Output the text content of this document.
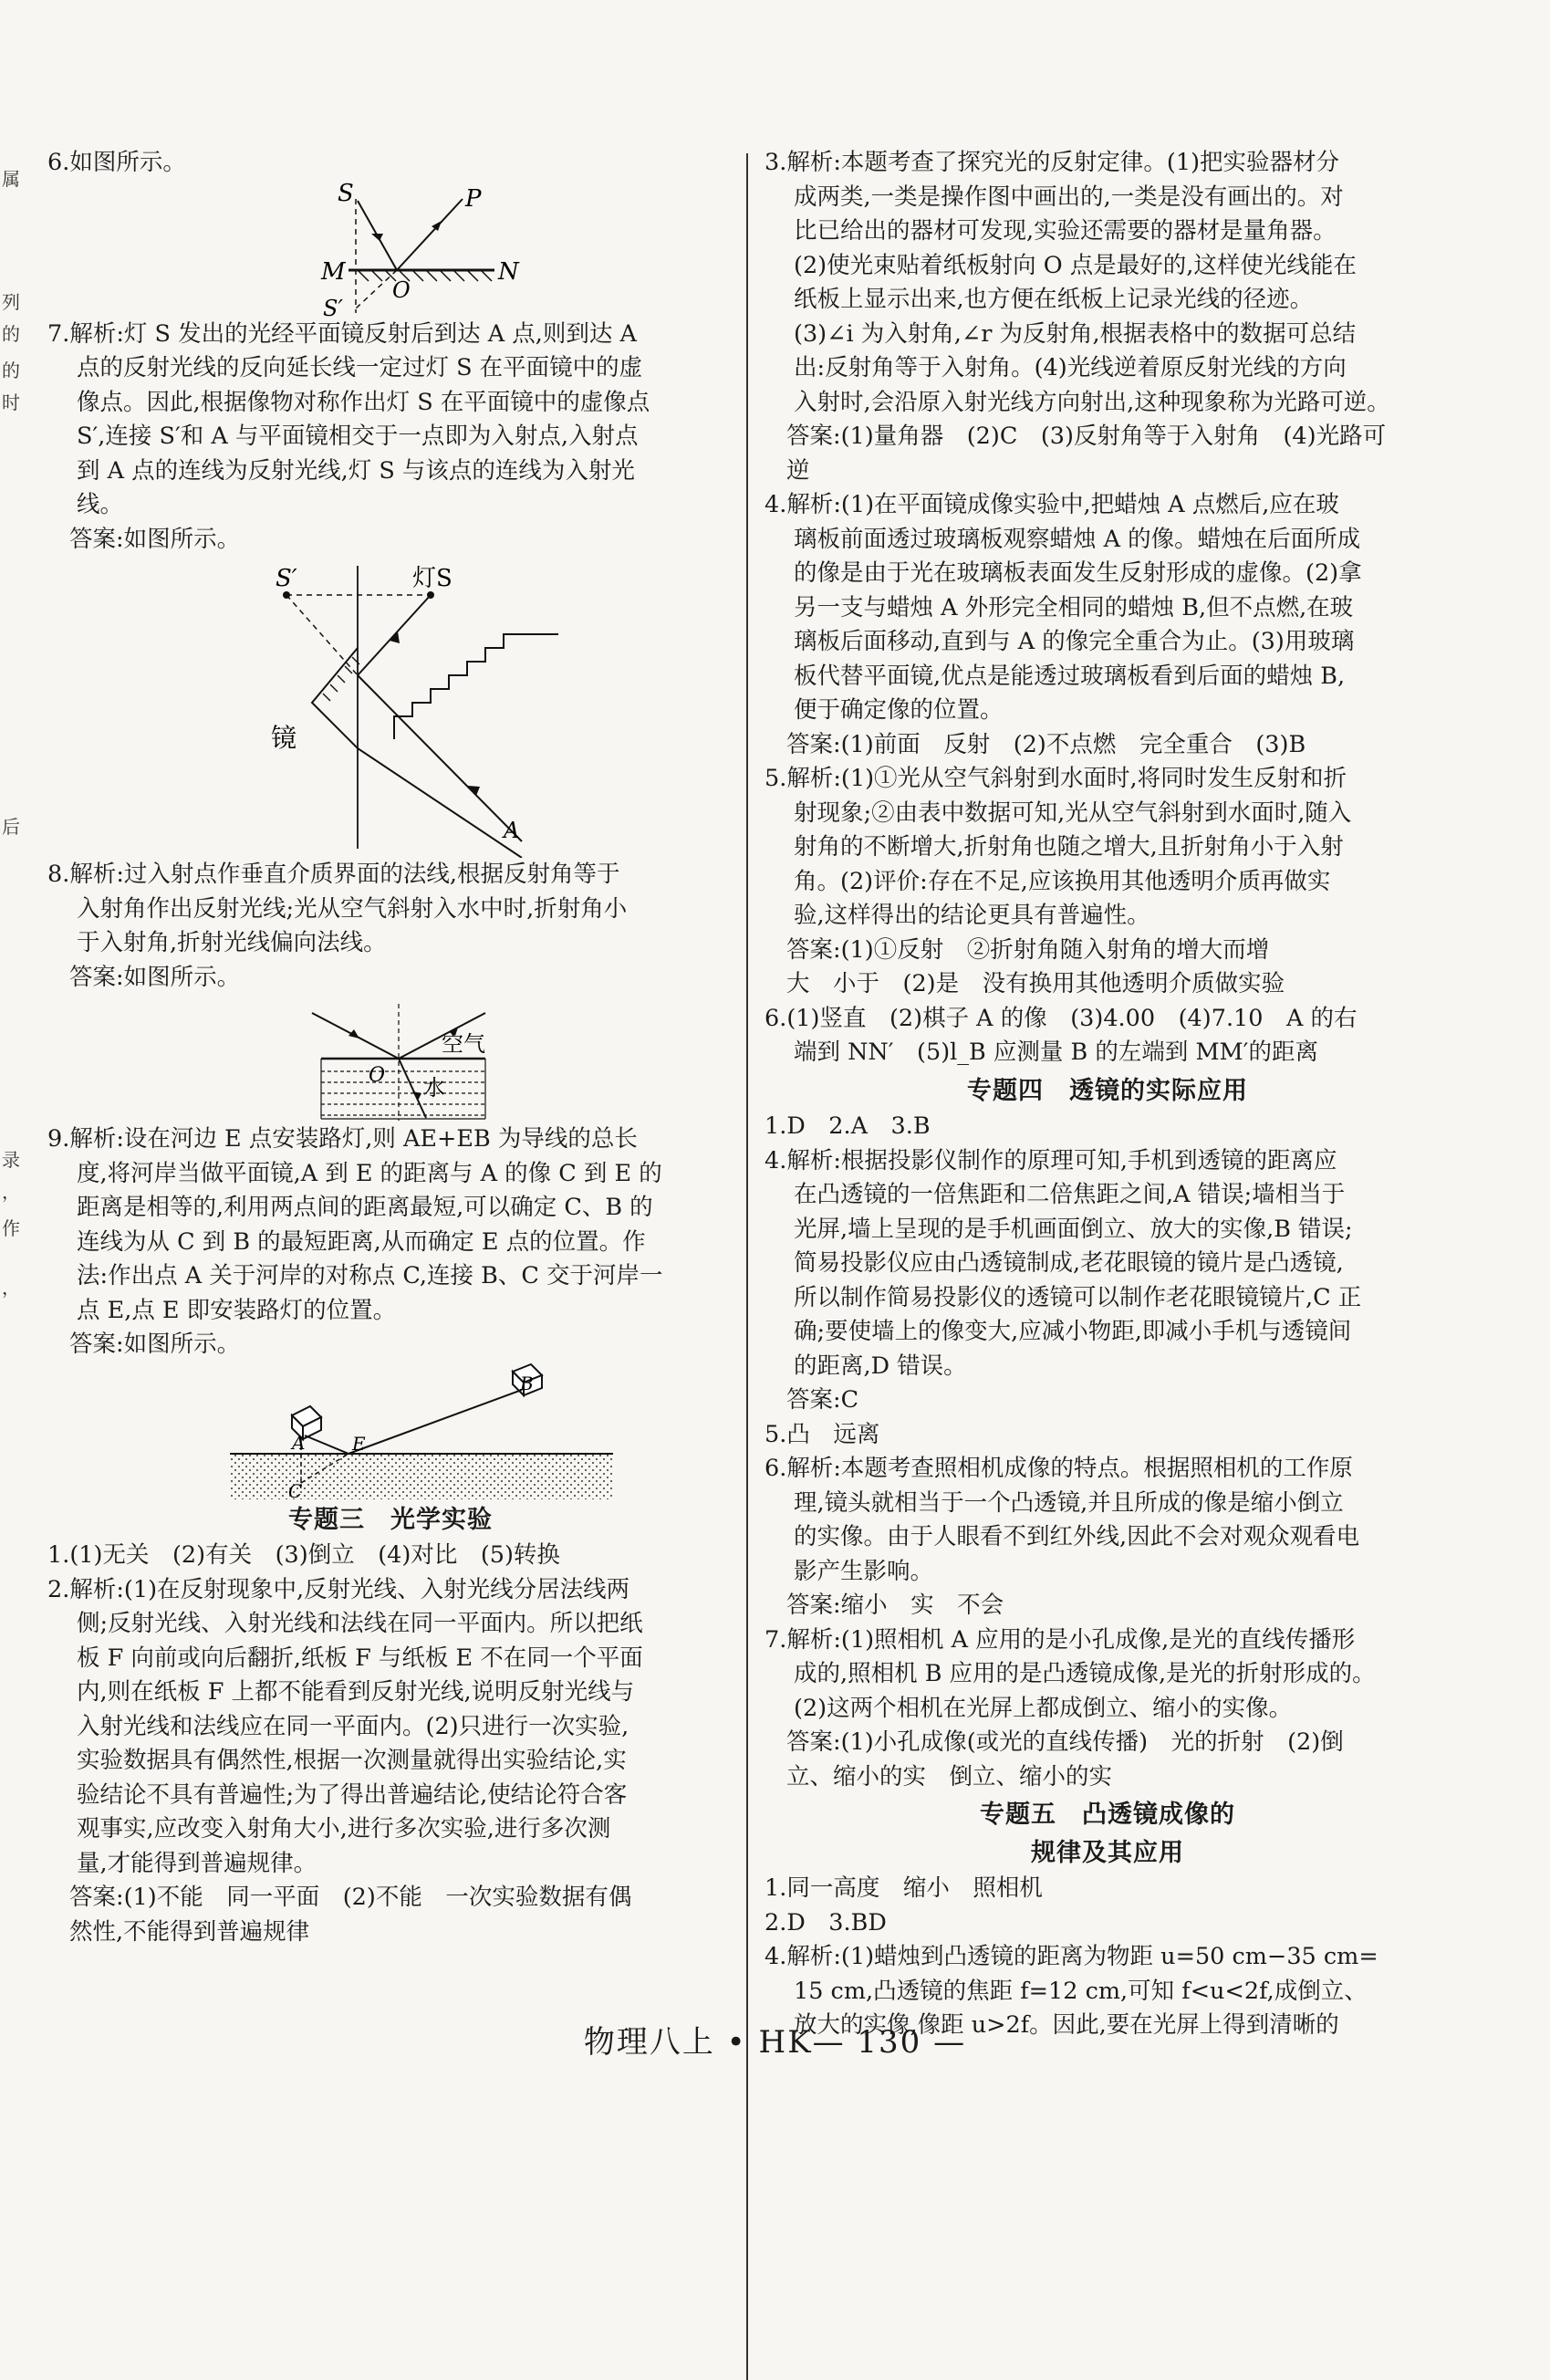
属
列
的
的
时
后
录
，
作
，

6.如图所示。

S	P
M	N
O
S′

7.解析:灯 S 发出的光经平面镜反射后到达 A 点,则到达 A

点的反射光线的反向延长线一定过灯 S 在平面镜中的虚

像点。因此,根据像物对称作出灯 S 在平面镜中的虚像点

S′,连接 S′和 A 与平面镜相交于一点即为入射点,入射点

到 A 点的连线为反射光线,灯 S 与该点的连线为入射光

线。

答案:如图所示。

S′	灯S
镜
A

8.解析:过入射点作垂直介质界面的法线,根据反射角等于

入射角作出反射光线;光从空气斜射入水中时,折射角小

于入射角,折射光线偏向法线。

答案:如图所示。

空气
水
O

9.解析:设在河边 E 点安装路灯,则 AE+EB 为导线的总长

度,将河岸当做平面镜,A 到 E 的距离与 A 的像 C 到 E 的

距离是相等的,利用两点间的距离最短,可以确定 C、B 的

连线为从 C 到 B 的最短距离,从而确定 E 点的位置。作

法:作出点 A 关于河岸的对称点 C,连接 B、C 交于河岸一

点 E,点 E 即安装路灯的位置。

答案:如图所示。

A
B
E
C
专题三　光学实验

1.(1)无关　(2)有关　(3)倒立　(4)对比　(5)转换

2.解析:(1)在反射现象中,反射光线、入射光线分居法线两

侧;反射光线、入射光线和法线在同一平面内。所以把纸

板 F 向前或向后翻折,纸板 F 与纸板 E 不在同一个平面

内,则在纸板 F 上都不能看到反射光线,说明反射光线与

入射光线和法线应在同一平面内。(2)只进行一次实验,

实验数据具有偶然性,根据一次测量就得出实验结论,实

验结论不具有普遍性;为了得出普遍结论,使结论符合客

观事实,应改变入射角大小,进行多次实验,进行多次测

量,才能得到普遍规律。

答案:(1)不能　同一平面　(2)不能　一次实验数据有偶

然性,不能得到普遍规律

3.解析:本题考查了探究光的反射定律。(1)把实验器材分

成两类,一类是操作图中画出的,一类是没有画出的。对

比已给出的器材可发现,实验还需要的器材是量角器。

(2)使光束贴着纸板射向 O 点是最好的,这样使光线能在

纸板上显示出来,也方便在纸板上记录光线的径迹。

(3)∠i 为入射角,∠r 为反射角,根据表格中的数据可总结

出:反射角等于入射角。(4)光线逆着原反射光线的方向

入射时,会沿原入射光线方向射出,这种现象称为光路可逆。

答案:(1)量角器　(2)C　(3)反射角等于入射角　(4)光路可

逆

4.解析:(1)在平面镜成像实验中,把蜡烛 A 点燃后,应在玻

璃板前面透过玻璃板观察蜡烛 A 的像。蜡烛在后面所成

的像是由于光在玻璃板表面发生反射形成的虚像。(2)拿

另一支与蜡烛 A 外形完全相同的蜡烛 B,但不点燃,在玻

璃板后面移动,直到与 A 的像完全重合为止。(3)用玻璃

板代替平面镜,优点是能透过玻璃板看到后面的蜡烛 B,

便于确定像的位置。

答案:(1)前面　反射　(2)不点燃　完全重合　(3)B

5.解析:(1)①光从空气斜射到水面时,将同时发生反射和折

射现象;②由表中数据可知,光从空气斜射到水面时,随入

射角的不断增大,折射角也随之增大,且折射角小于入射

角。(2)评价:存在不足,应该换用其他透明介质再做实

验,这样得出的结论更具有普遍性。

答案:(1)①反射　②折射角随入射角的增大而增

大　小于　(2)是　没有换用其他透明介质做实验

6.(1)竖直　(2)棋子 A 的像　(3)4.00　(4)7.10　A 的右

端到 NN′　(5)l_B 应测量 B 的左端到 MM′的距离

专题四　透镜的实际应用

1.D　2.A　3.B

4.解析:根据投影仪制作的原理可知,手机到透镜的距离应

在凸透镜的一倍焦距和二倍焦距之间,A 错误;墙相当于

光屏,墙上呈现的是手机画面倒立、放大的实像,B 错误;

简易投影仪应由凸透镜制成,老花眼镜的镜片是凸透镜,

所以制作简易投影仪的透镜可以制作老花眼镜镜片,C 正

确;要使墙上的像变大,应减小物距,即减小手机与透镜间

的距离,D 错误。

答案:C

5.凸　远离

6.解析:本题考查照相机成像的特点。根据照相机的工作原

理,镜头就相当于一个凸透镜,并且所成的像是缩小倒立

的实像。由于人眼看不到红外线,因此不会对观众观看电

影产生影响。

答案:缩小　实　不会

7.解析:(1)照相机 A 应用的是小孔成像,是光的直线传播形

成的,照相机 B 应用的是凸透镜成像,是光的折射形成的。

(2)这两个相机在光屏上都成倒立、缩小的实像。

答案:(1)小孔成像(或光的直线传播)　光的折射　(2)倒

立、缩小的实　倒立、缩小的实

专题五　凸透镜成像的
规律及其应用

1.同一高度　缩小　照相机

2.D　3.BD

4.解析:(1)蜡烛到凸透镜的距离为物距 u=50 cm−35 cm=

15 cm,凸透镜的焦距 f=12 cm,可知 f<u<2f,成倒立、

放大的实像,像距 u>2f。因此,要在光屏上得到清晰的

物理八上 • HK— 130 —
